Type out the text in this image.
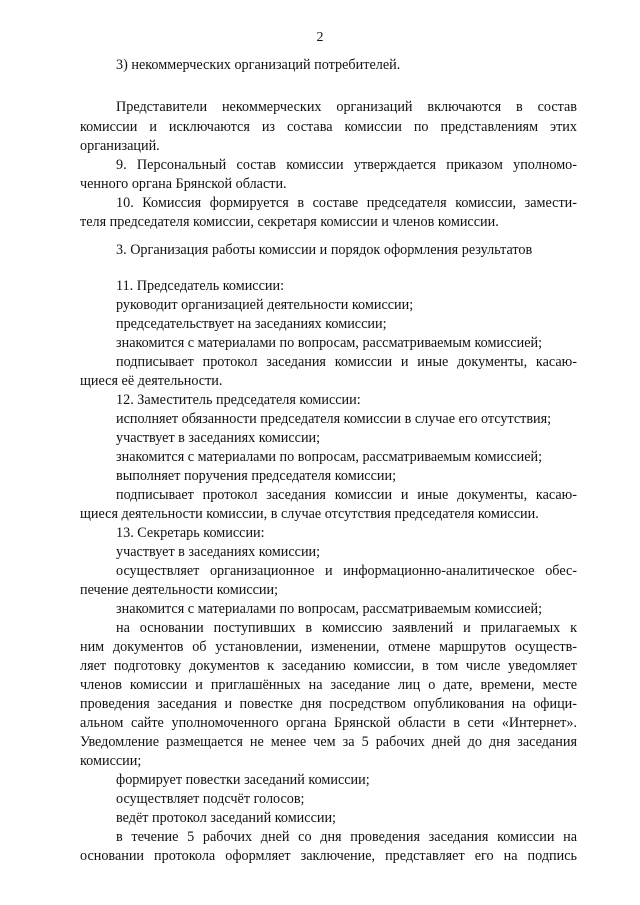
2
3) некоммерческих организаций потребителей.
Представители некоммерческих организаций включаются в состав
комиссии и исключаются из состава комиссии по представлениям этих
организаций.
9. Персональный состав комиссии утверждается приказом уполномо-
ченного органа Брянской области.
10. Комиссия формируется в составе председателя комиссии, замести-
теля председателя комиссии, секретаря комиссии и членов комиссии.
3. Организация работы комиссии и порядок оформления результатов
11. Председатель комиссии:
руководит организацией деятельности комиссии;
председательствует на заседаниях комиссии;
знакомится с материалами по вопросам, рассматриваемым комиссией;
подписывает протокол заседания комиссии и иные документы, касаю-
щиеся её деятельности.
12. Заместитель председателя комиссии:
исполняет обязанности председателя комиссии в случае его отсутствия;
участвует в заседаниях комиссии;
знакомится с материалами по вопросам, рассматриваемым комиссией;
выполняет поручения председателя комиссии;
подписывает протокол заседания комиссии и иные документы, касаю-
щиеся деятельности комиссии, в случае отсутствия председателя комиссии.
13. Секретарь комиссии:
участвует в заседаниях комиссии;
осуществляет организационное и информационно-аналитическое обес-
печение деятельности комиссии;
знакомится с материалами по вопросам, рассматриваемым комиссией;
на основании поступивших в комиссию заявлений и прилагаемых к
ним документов об установлении, изменении, отмене маршрутов осуществ-
ляет подготовку документов к заседанию комиссии, в том числе уведомляет
членов комиссии и приглашённых на заседание лиц о дате, времени, месте
проведения заседания и повестке дня посредством опубликования на офици-
альном сайте уполномоченного органа Брянской области в сети «Интернет».
Уведомление размещается не менее чем за 5 рабочих дней до дня заседания
комиссии;
формирует повестки заседаний комиссии;
осуществляет подсчёт голосов;
ведёт протокол заседаний комиссии;
в течение 5 рабочих дней со дня проведения заседания комиссии на
основании протокола оформляет заключение, представляет его на подпись
